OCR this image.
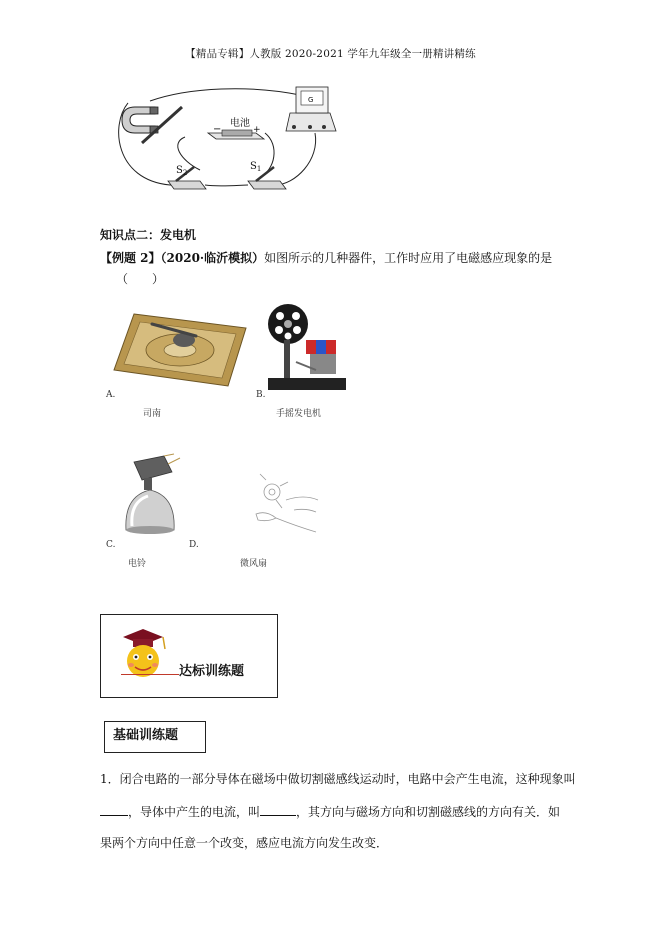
【精品专辑】人教版 2020-2021 学年九年级全一册精讲精练
电池
−	+
G
$S_2$
$S_1$
知识点二：发电机
【例题 2】（2020·临沂模拟）如图所示的几种器件，工作时应用了电磁感应现象的是
（　　）
A.
司南
B.
手摇发电机
C.
电铃
D.
微风扇
达标训练题
基础训练题
1．闭合电路的一部分导体在磁场中做切割磁感线运动时，电路中会产生电流，这种现象叫
，导体中产生的电流，叫	，其方向与磁场方向和切割磁感线的方向有关．如
果两个方向中任意一个改变，感应电流方向发生改变．
